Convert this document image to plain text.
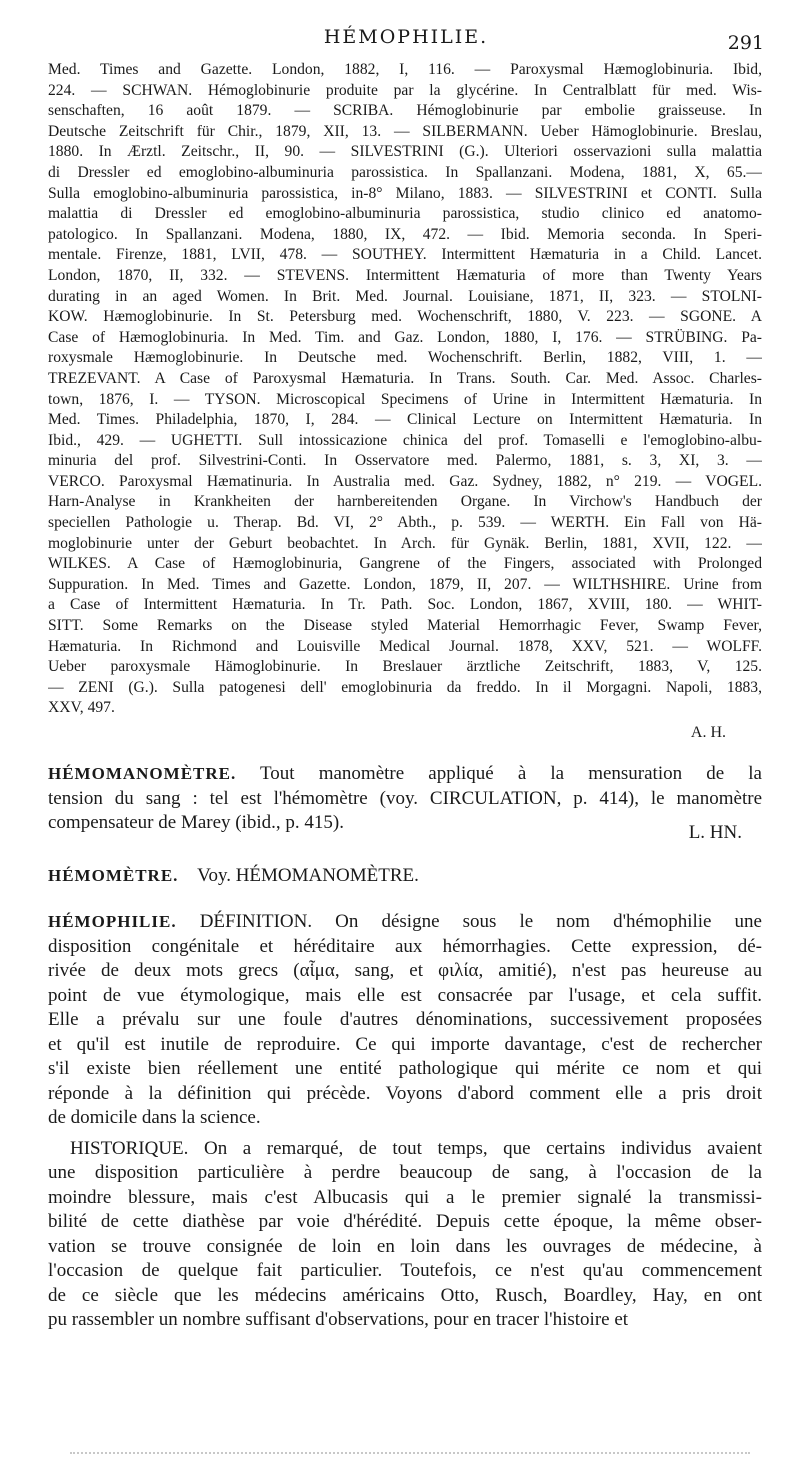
HÉMOPHILIE.	291
Med. Times and Gazette. London, 1882, I, 116. — Paroxysmal Hæmoglobinuria. Ibid,
224. — SCHWAN. Hémoglobinurie produite par la glycérine. In Centralblatt für med. Wis-
senschaften, 16 août 1879. — SCRIBA. Hémoglobinurie par embolie graisseuse. In
Deutsche Zeitschrift für Chir., 1879, XII, 13. — SILBERMANN. Ueber Hämoglobinurie. Breslau,
1880. In Ærztl. Zeitschr., II, 90. — SILVESTRINI (G.). Ulteriori osservazioni sulla malattia
di Dressler ed emoglobino-albuminuria parossistica. In Spallanzani. Modena, 1881, X, 65.—
Sulla emoglobino-albuminuria parossistica, in-8° Milano, 1883. — SILVESTRINI et CONTI. Sulla
malattia di Dressler ed emoglobino-albuminuria parossistica, studio clinico ed anatomo-
patologico. In Spallanzani. Modena, 1880, IX, 472. — Ibid. Memoria seconda. In Speri-
mentale. Firenze, 1881, LVII, 478. — SOUTHEY. Intermittent Hæmaturia in a Child. Lancet.
London, 1870, II, 332. — STEVENS. Intermittent Hæmaturia of more than Twenty Years
durating in an aged Women. In Brit. Med. Journal. Louisiane, 1871, II, 323. — STOLNI-
KOW. Hæmoglobinurie. In St. Petersburg med. Wochenschrift, 1880, V. 223. — SGONE. A
Case of Hæmoglobinuria. In Med. Tim. and Gaz. London, 1880, I, 176. — STRÜBING. Pa-
roxysmale Hæmoglobinurie. In Deutsche med. Wochenschrift. Berlin, 1882, VIII, 1. —
TREZEVANT. A Case of Paroxysmal Hæmaturia. In Trans. South. Car. Med. Assoc. Charles-
town, 1876, I. — TYSON. Microscopical Specimens of Urine in Intermittent Hæmaturia. In
Med. Times. Philadelphia, 1870, I, 284. — Clinical Lecture on Intermittent Hæmaturia. In
Ibid., 429. — UGHETTI. Sull intossicazione chinica del prof. Tomaselli e l'emoglobino-albu-
minuria del prof. Silvestrini-Conti. In Osservatore med. Palermo, 1881, s. 3, XI, 3. —
VERCO. Paroxysmal Hæmatinuria. In Australia med. Gaz. Sydney, 1882, n° 219. — VOGEL.
Harn-Analyse in Krankheiten der harnbereitenden Organe. In Virchow's Handbuch der
speciellen Pathologie u. Therap. Bd. VI, 2° Abth., p. 539. — WERTH. Ein Fall von Hä-
moglobinurie unter der Geburt beobachtet. In Arch. für Gynäk. Berlin, 1881, XVII, 122. —
WILKES. A Case of Hæmoglobinuria, Gangrene of the Fingers, associated with Prolonged
Suppuration. In Med. Times and Gazette. London, 1879, II, 207. — WILTHSHIRE. Urine from
a Case of Intermittent Hæmaturia. In Tr. Path. Soc. London, 1867, XVIII, 180. — WHIT-
SITT. Some Remarks on the Disease styled Material Hemorrhagic Fever, Swamp Fever,
Hæmaturia. In Richmond and Louisville Medical Journal. 1878, XXV, 521. — WOLFF.
Ueber paroxysmale Hämoglobinurie. In Breslauer ärztliche Zeitschrift, 1883, V, 125.
— ZENI (G.). Sulla patogenesi dell' emoglobinuria da freddo. In il Morgagni. Napoli, 1883,
XXV, 497.
A. H.
HÉMOMANOMÈTRE. Tout manomètre appliqué à la mensuration de la
tension du sang : tel est l'hémomètre (voy. CIRCULATION, p. 414), le manomètre
compensateur de Marey (ibid., p. 415).	L. HN.
HÉMOMÈTRE. Voy. HÉMOMANOMÈTRE.
HÉMOPHILIE. DÉFINITION. On désigne sous le nom d'hémophilie une
disposition congénitale et héréditaire aux hémorrhagies. Cette expression, dé-
rivée de deux mots grecs (αἷμα, sang, et φιλία, amitié), n'est pas heureuse au
point de vue étymologique, mais elle est consacrée par l'usage, et cela suffit.
Elle a prévalu sur une foule d'autres dénominations, successivement proposées
et qu'il est inutile de reproduire. Ce qui importe davantage, c'est de rechercher
s'il existe bien réellement une entité pathologique qui mérite ce nom et qui
réponde à la définition qui précède. Voyons d'abord comment elle a pris droit
de domicile dans la science.
HISTORIQUE. On a remarqué, de tout temps, que certains individus avaient
une disposition particulière à perdre beaucoup de sang, à l'occasion de la
moindre blessure, mais c'est Albucasis qui a le premier signalé la transmissi-
bilité de cette diathèse par voie d'hérédité. Depuis cette époque, la même obser-
vation se trouve consignée de loin en loin dans les ouvrages de médecine, à
l'occasion de quelque fait particulier. Toutefois, ce n'est qu'au commencement
de ce siècle que les médecins américains Otto, Rusch, Boardley, Hay, en ont
pu rassembler un nombre suffisant d'observations, pour en tracer l'histoire et
